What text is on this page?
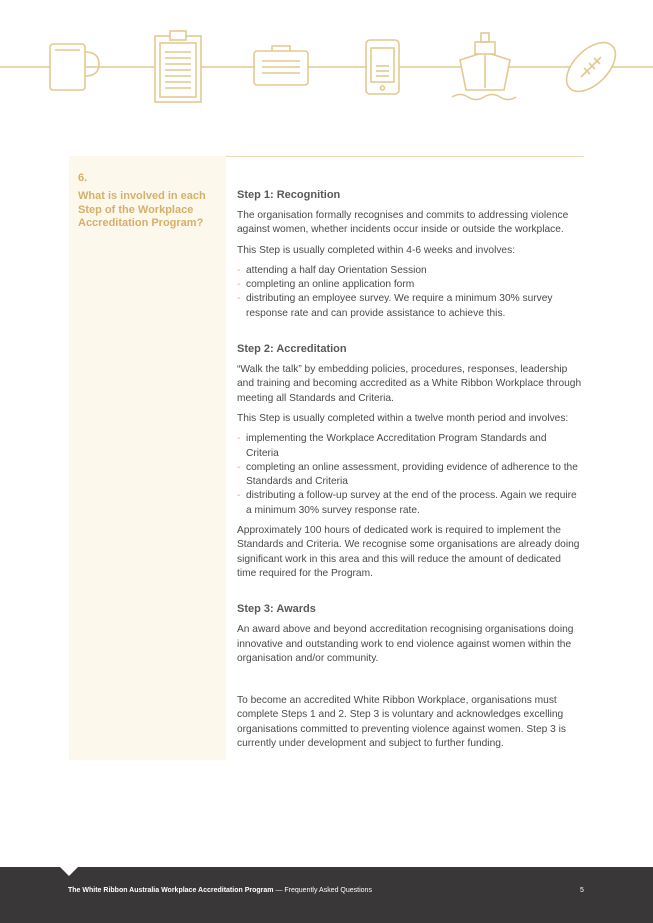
6.
What is involved in each Step of the Workplace Accreditation Program?
Step 1: Recognition

The organisation formally recognises and commits to addressing violence against women, whether incidents occur inside or outside the workplace.

This Step is usually completed within 4-6 weeks and involves:

- attending a half day Orientation Session
- completing an online application form
- distributing an employee survey. We require a minimum 30% survey response rate and can provide assistance to achieve this.
Step 2: Accreditation

“Walk the talk” by embedding policies, procedures, responses, leadership and training and becoming accredited as a White Ribbon Workplace through meeting all Standards and Criteria.

This Step is usually completed within a twelve month period and involves:

- implementing the Workplace Accreditation Program Standards and Criteria
- completing an online assessment, providing evidence of adherence to the Standards and Criteria
- distributing a follow-up survey at the end of the process. Again we require a minimum 30% survey response rate.

Approximately 100 hours of dedicated work is required to implement the Standards and Criteria. We recognise some organisations are already doing significant work in this area and this will reduce the amount of dedicated time required for the Program.

Step 3: Awards

An award above and beyond accreditation recognising organisations doing innovative and outstanding work to end violence against women within the organisation and/or community.

To become an accredited White Ribbon Workplace, organisations must complete Steps 1 and 2. Step 3 is voluntary and acknowledges excelling organisations committed to preventing violence against women. Step 3 is currently under development and subject to further funding.

The White Ribbon Australia Workplace Accreditation Program — Frequently Asked Questions	5
